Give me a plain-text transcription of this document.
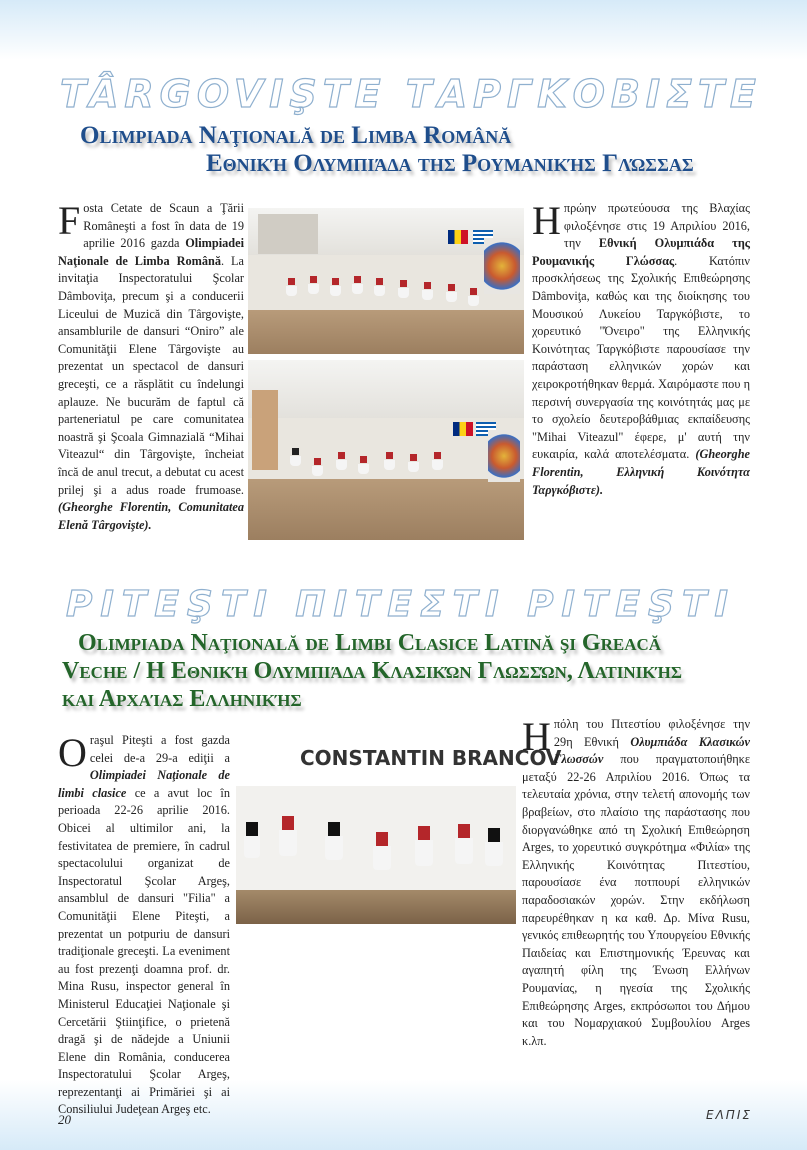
TÂRGOVIŞTE ΤΑΡΓΚΟΒΙΣΤΕ
Olimpiada Naţională de Limba Română
Εθνική Ολυμπιάδα της Ρουμανικής Γλώσσας

Fosta Cetate de Scaun a Ţării Româneşti a fost în data de 19 aprilie 2016 gazda Olimpiadei Naţionale de Limba Română. La invitaţia Inspectoratului Şcolar Dâmboviţa, precum şi a conducerii Liceului de Muzică din Târgovişte, ansamblurile de dansuri “Oniro” ale Comunităţii Elene Târgovişte au prezentat un spectacol de dansuri greceşti, ce a răsplătit cu îndelungi aplauze. Ne bucurăm de faptul că parteneriatul pe care comunitatea noastră şi Şcoala Gimnazială “Mihai Viteazul“ din Târgovişte, încheiat încă de anul trecut, a debutat cu acest prilej şi a adus roade frumoase. (Gheorghe Florentin, Comunitatea Elenă Târgovişte).

Η πρώην πρωτεύουσα της Βλαχίας φιλοξένησε στις 19 Απριλίου 2016, την Εθνική Ολυμπιάδα της Ρουμανικής Γλώσσας. Κατόπιν προσκλήσεως της Σχολικής Επιθεώρησης Dâmboviţa, καθώς και της διοίκησης του Μουσικού Λυκείου Ταργκόβιστε, το χορευτικό "Όνειρο" της Ελληνικής Κοινότητας Ταργκόβιστε παρουσίασε την παράσταση ελληνικών χορών και χειροκροτήθηκαν θερμά. Χαιρόμαστε που η περσινή συνεργασία της κοινότητάς μας με το σχολείο δευτεροβάθμιας εκπαίδευσης "Mihai Viteazul" έφερε, μ' αυτή την ευκαιρία, καλά αποτελέσματα. (Gheorghe Florentin, Ελληνική Κοινότητα Ταργκόβιστε).

PITEŞTI ΠΙΤΕΣΤΙ PITEŞTI
Olimpiada Naţională de Limbi Clasice Latină şi Greacă
Veche / Η Εθνική Ολυμπιάδα Κλασικών Γλωσσών, Λατινικής
και Αρχαίας Ελληνικής
CONSTANTIN BRANCOV

Oraşul Piteşti a fost gazda celei de-a 29-a ediţii a Olimpiadei Naţionale de limbi clasice ce a avut loc în perioada 22-26 aprilie 2016. Obicei al ultimilor ani, la festivitatea de premiere, în cadrul spectacolului organizat de Inspectoratul Şcolar Argeş, ansamblul de dansuri "Filia" a Comunităţii Elene Piteşti, a prezentat un potpuriu de dansuri tradiţionale greceşti. La eveniment au fost prezenţi doamna prof. dr. Mina Rusu, inspector general în Ministerul Educaţiei Naţionale şi Cercetării Ştiinţifice, o prietenă dragă şi de nădejde a Uniunii Elene din România, conducerea Inspectoratului Şcolar Argeş, reprezentanţi ai Primăriei şi ai Consiliului Judeţean Argeş etc.

Η πόλη του Πιτεστίου φιλοξένησε την 29η Εθνική Ολυμπιάδα Κλασικών Γλωσσών που πραγματοποιήθηκε μεταξύ 22-26 Απριλίου 2016. Όπως τα τελευταία χρόνια, στην τελετή απονομής των βραβείων, στο πλαίσιο της παράστασης που διοργανώθηκε από τη Σχολική Επιθεώρηση Arges, το χορευτικό συγκρότημα «Φιλία» της Ελληνικής Κοινότητας Πιτεστίου, παρουσίασε ένα ποτπουρί ελληνικών παραδοσιακών χορών. Στην εκδήλωση παρευρέθηκαν η κα καθ. Δρ. Μίνα Rusu, γενικός επιθεωρητής του Υπουργείου Εθνικής Παιδείας και Επιστημονικής Έρευνας και αγαπητή φίλη της Ένωση Ελλήνων Ρουμανίας, η ηγεσία της Σχολικής Επιθεώρησης Arges, εκπρόσωποι του Δήμου και του Νομαρχιακού Συμβουλίου Arges κ.λπ.

20	ΕΛΠΙΣ
